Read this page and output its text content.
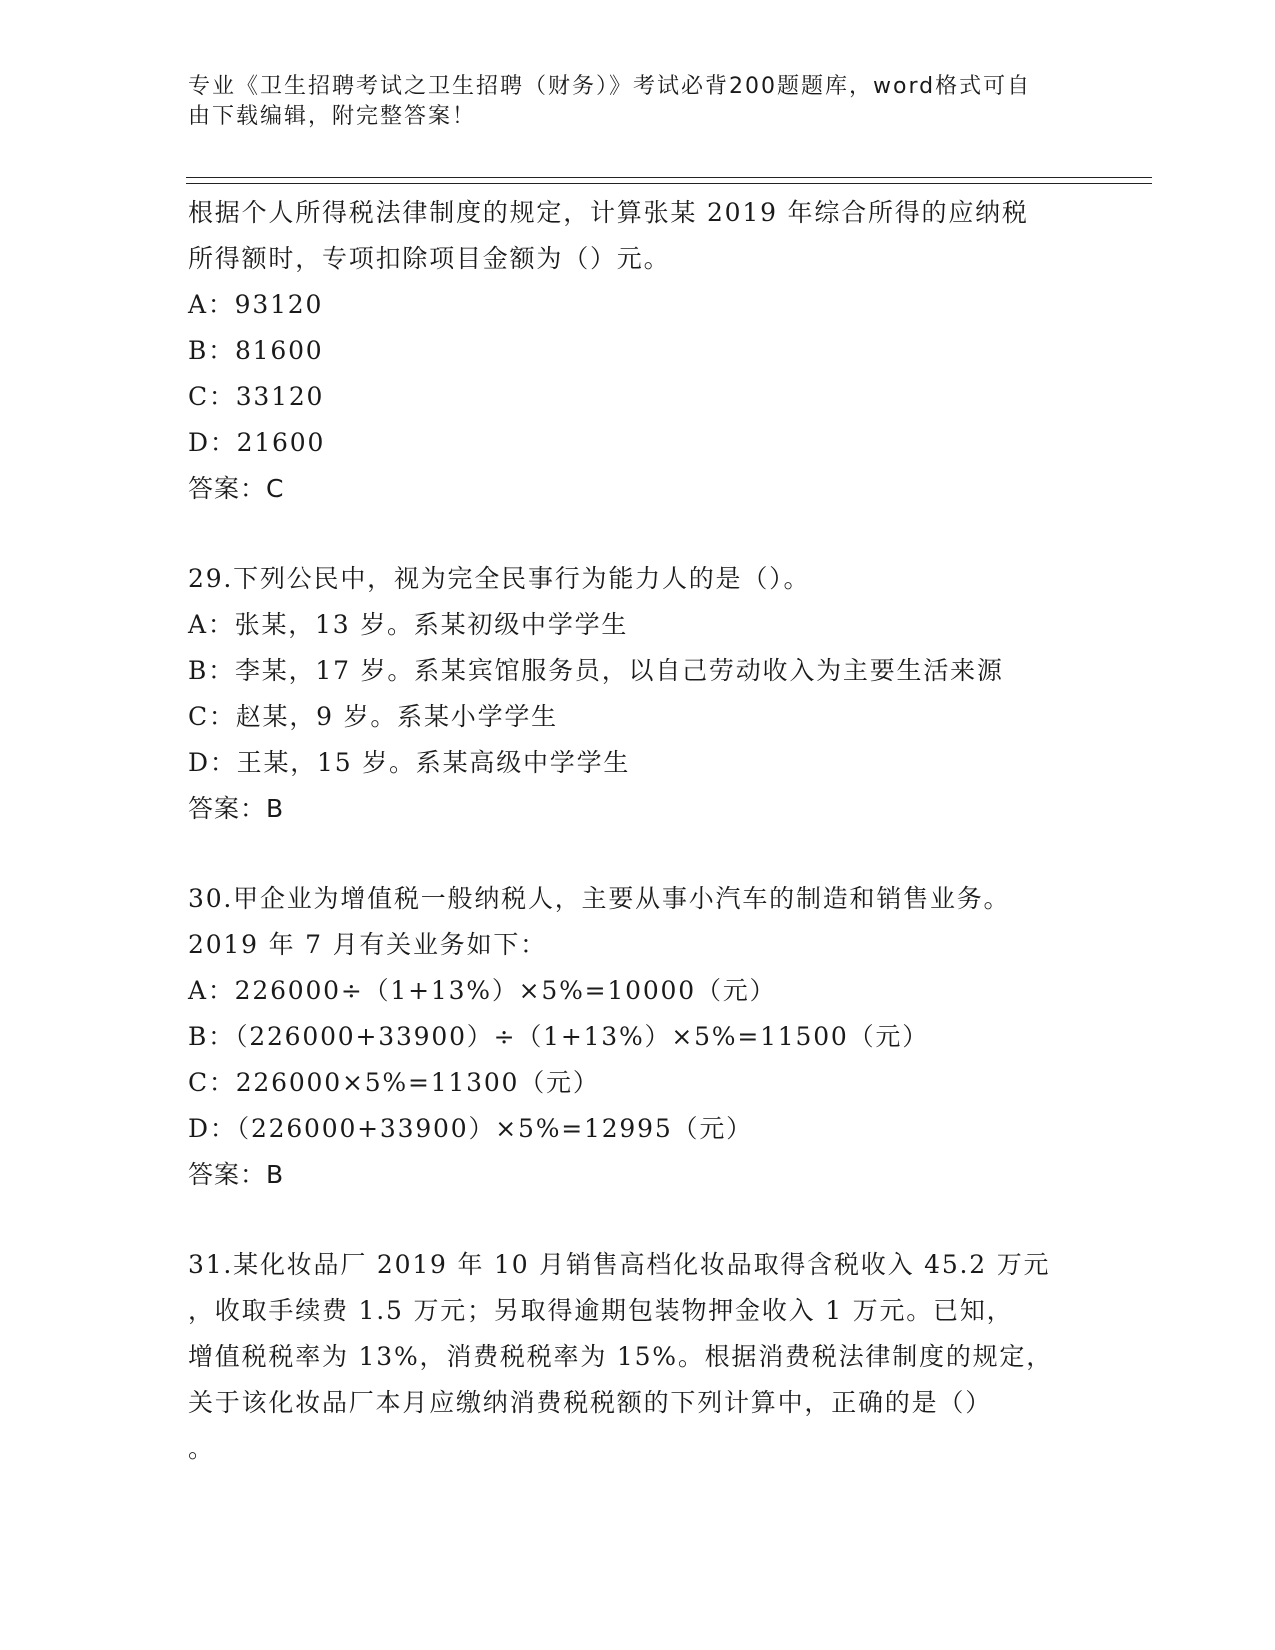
专业《卫生招聘考试之卫生招聘（财务）》考试必背200题题库，word格式可自
由下载编辑，附完整答案！
根据个人所得税法律制度的规定，计算张某 2019 年综合所得的应纳税
所得额时，专项扣除项目金额为（）元。
A：93120
B：81600
C：33120
D：21600
答案：C
29.下列公民中，视为完全民事行为能力人的是（）。
A：张某，13 岁。系某初级中学学生
B：李某，17 岁。系某宾馆服务员，以自己劳动收入为主要生活来源
C：赵某，9 岁。系某小学学生
D：王某，15 岁。系某高级中学学生
答案：B
30.甲企业为增值税一般纳税人，主要从事小汽车的制造和销售业务。
2019 年 7 月有关业务如下：
A：226000÷（1+13%）×5%=10000（元）
B：（226000+33900）÷（1+13%）×5%=11500（元）
C：226000×5%=11300（元）
D：（226000+33900）×5%=12995（元）
答案：B
31.某化妆品厂 2019 年 10 月销售高档化妆品取得含税收入 45.2 万元
，收取手续费 1.5 万元；另取得逾期包装物押金收入 1 万元。已知，
增值税税率为 13%，消费税税率为 15%。根据消费税法律制度的规定，
关于该化妆品厂本月应缴纳消费税税额的下列计算中，正确的是（）
。
